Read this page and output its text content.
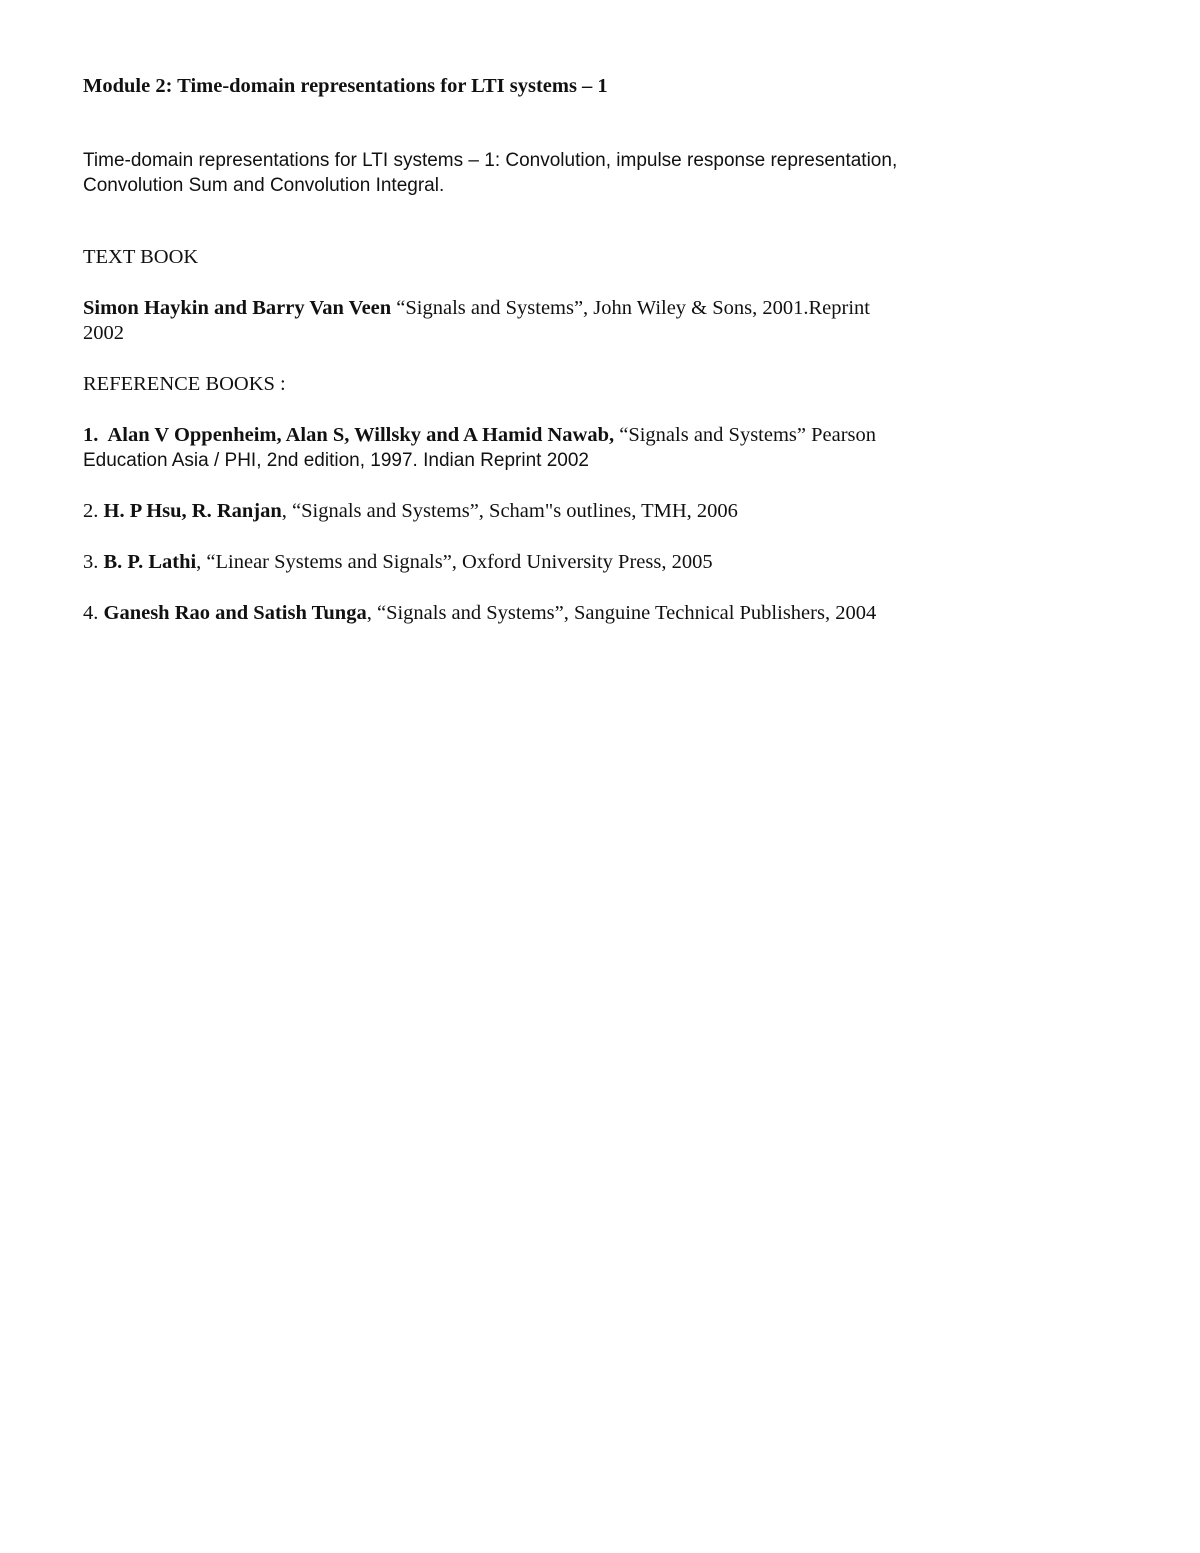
Module 2: Time-domain representations for LTI systems – 1

Time-domain representations for LTI systems – 1: Convolution, impulse response representation,
Convolution Sum and Convolution Integral.

TEXT BOOK

Simon Haykin and Barry Van Veen “Signals and Systems”, John Wiley & Sons, 2001.Reprint
2002

REFERENCE BOOKS :

1. Alan V Oppenheim, Alan S, Willsky and A Hamid Nawab, “Signals and Systems” Pearson
Education Asia / PHI, 2nd edition, 1997. Indian Reprint 2002
2. H. P Hsu, R. Ranjan, “Signals and Systems”, Scham"s outlines, TMH, 2006
3. B. P. Lathi, “Linear Systems and Signals”, Oxford University Press, 2005
4. Ganesh Rao and Satish Tunga, “Signals and Systems”, Sanguine Technical Publishers, 2004
